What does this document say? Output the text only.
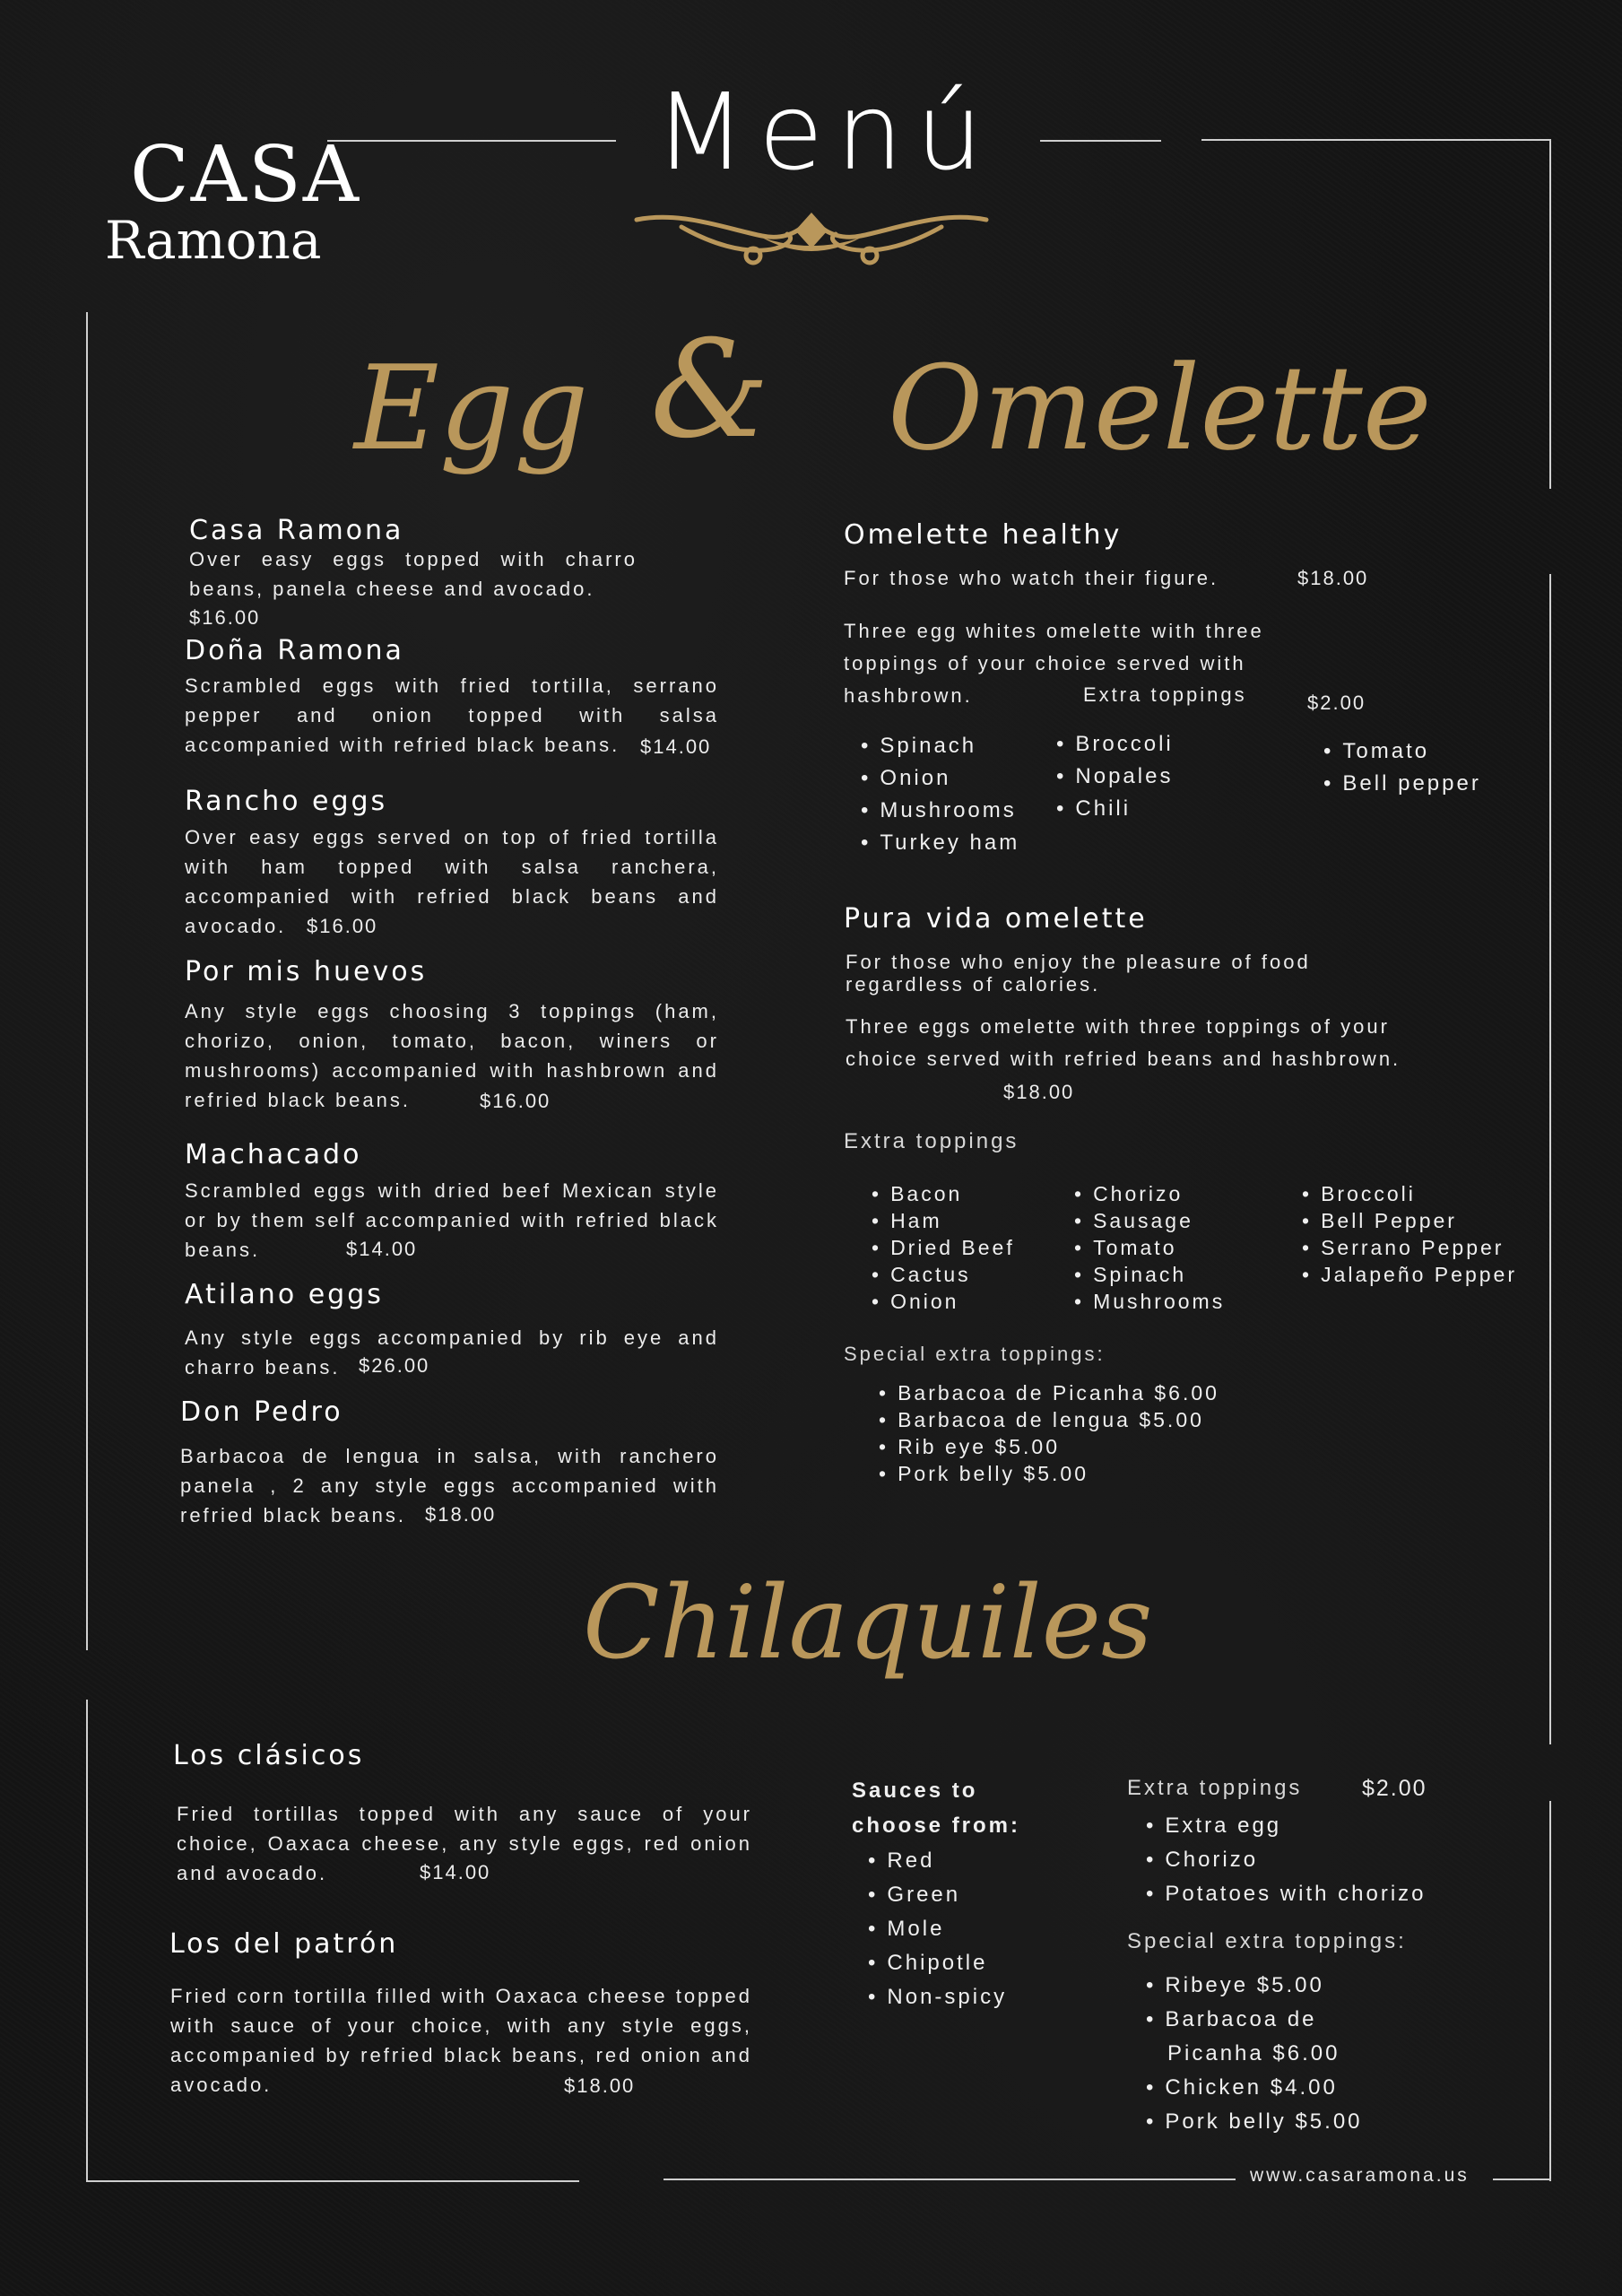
CASA
Ramona
Menú
Egg & Omelette
Casa Ramona
Over easy eggs topped with charro beans, panela cheese and avocado.
$16.00
Doña Ramona
Scrambled eggs with fried tortilla, serrano pepper and onion topped with salsa accompanied with refried black beans.	$14.00
Rancho eggs
Over easy eggs served on top of fried tortilla with ham topped with salsa ranchera, accompanied with refried black beans and avocado.	$16.00
Por mis huevos
Any style eggs choosing 3 toppings (ham, chorizo, onion, tomato, bacon, winers or mushrooms) accompanied with hashbrown and refried black beans.	$16.00
Machacado
Scrambled eggs with dried beef Mexican style or by them self accompanied with refried black beans.	$14.00
Atilano eggs
Any style eggs accompanied by rib eye and charro beans. $26.00
Don Pedro
Barbacoa de lengua in salsa, with ranchero panela , 2 any style eggs accompanied with refried black beans. $18.00
Omelette healthy
For those who watch their figure.	$18.00
Three egg whites omelette with three toppings of your choice served with hashbrown.	Extra toppings	$2.00
• Spinach
• Onion
• Mushrooms
• Turkey ham
• Broccoli
• Nopales
• Chili
• Tomato
• Bell pepper
Pura vida omelette
For those who enjoy the pleasure of food regardless of calories.
Three eggs omelette with three toppings of your choice served with refried beans and hashbrown.
$18.00
Extra toppings
• Bacon
• Ham
• Dried Beef
• Cactus
• Onion
• Chorizo
• Sausage
• Tomato
• Spinach
• Mushrooms
• Broccoli
• Bell Pepper
• Serrano Pepper
• Jalapeño Pepper
Special extra toppings:
• Barbacoa de Picanha $6.00
• Barbacoa de lengua $5.00
• Rib eye $5.00
• Pork belly $5.00
Chilaquiles
Los clásicos
Fried tortillas topped with any sauce of your choice, Oaxaca cheese, any style eggs, red onion and avocado.	$14.00
Los del patrón
Fried corn tortilla filled with Oaxaca cheese topped with sauce of your choice, with any style eggs, accompanied by refried black beans, red onion and avocado.	$18.00
Sauces to
choose from:
• Red
• Green
• Mole
• Chipotle
• Non-spicy
Extra toppings	$2.00
• Extra egg
• Chorizo
• Potatoes with chorizo
Special extra toppings:
• Ribeye $5.00
• Barbacoa de
Picanha $6.00
• Chicken $4.00
• Pork belly $5.00
www.casaramona.us
